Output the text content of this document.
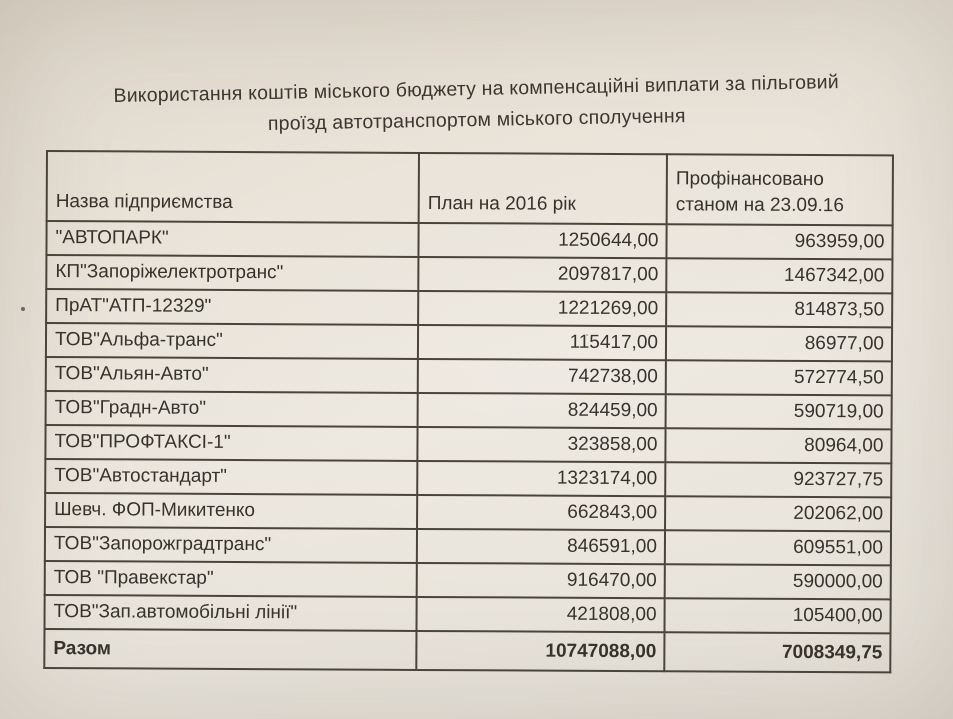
Використання коштів міського бюджету на компенсаційні виплати за пільговий
проїзд автотранспортом міського сполучення
Назва підприємства	План на 2016 рік	Профінансовано
станом на 23.09.16

"АВТОПАРК"	1250644,00	963959,00
КП"Запоріжелектротранс"	2097817,00	1467342,00
ПрАТ"АТП-12329"	1221269,00	814873,50
ТОВ"Альфа-транс"	115417,00	86977,00
ТОВ"Альян-Авто"	742738,00	572774,50
ТОВ"Градн-Авто"	824459,00	590719,00
ТОВ"ПРОФТАКСІ-1"	323858,00	80964,00
ТОВ"Автостандарт"	1323174,00	923727,75
Шевч. ФОП-Микитенко	662843,00	202062,00
ТОВ"Запорожградтранс"	846591,00	609551,00
ТОВ "Правекстар"	916470,00	590000,00
ТОВ"Зап.автомобільні лінії"	421808,00	105400,00
Разом	10747088,00	7008349,75
